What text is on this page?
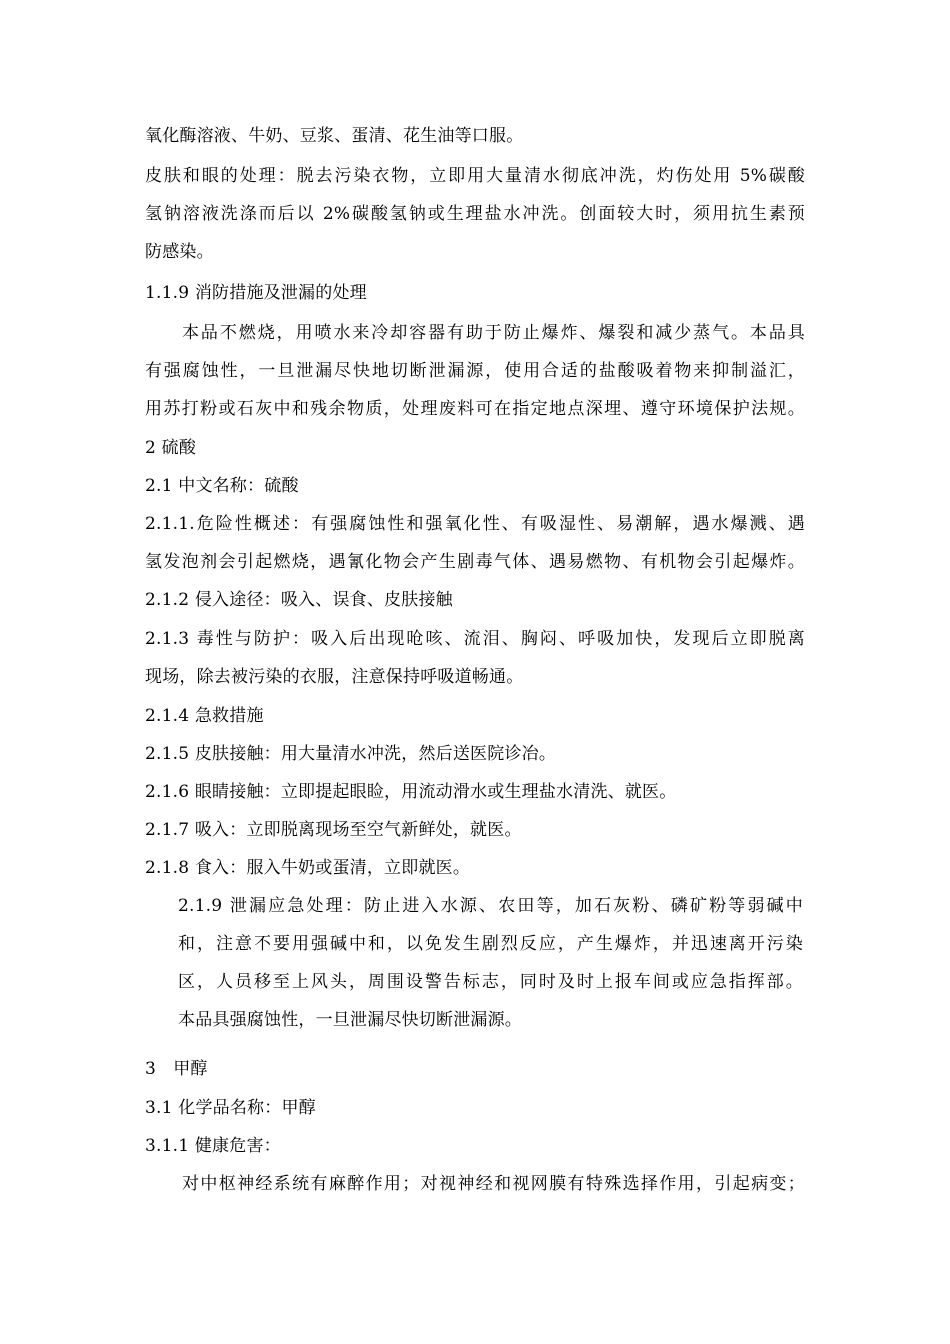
氧化酶溶液、牛奶、豆浆、蛋清、花生油等口服。
皮肤和眼的处理：脱去污染衣物，立即用大量清水彻底冲洗，灼伤处用 5%碳酸
氢钠溶液洗涤而后以 2%碳酸氢钠或生理盐水冲洗。创面较大时，须用抗生素预
防感染。
1.1.9 消防措施及泄漏的处理
本品不燃烧，用喷水来冷却容器有助于防止爆炸、爆裂和减少蒸气。本品具
有强腐蚀性，一旦泄漏尽快地切断泄漏源，使用合适的盐酸吸着物来抑制溢汇，
用苏打粉或石灰中和残余物质，处理废料可在指定地点深埋、遵守环境保护法规。
2 硫酸
2.1 中文名称：硫酸
2.1.1.危险性概述：有强腐蚀性和强氧化性、有吸湿性、易潮解，遇水爆溅、遇
氢发泡剂会引起燃烧，遇氰化物会产生剧毒气体、遇易燃物、有机物会引起爆炸。
2.1.2 侵入途径：吸入、误食、皮肤接触
2.1.3 毒性与防护：吸入后出现呛咳、流泪、胸闷、呼吸加快，发现后立即脱离
现场，除去被污染的衣服，注意保持呼吸道畅通。
2.1.4 急救措施
2.1.5 皮肤接触：用大量清水冲洗，然后送医院诊冶。
2.1.6 眼睛接触：立即提起眼睑，用流动滑水或生理盐水清洗、就医。
2.1.7 吸入：立即脱离现场至空气新鲜处，就医。
2.1.8 食入：服入牛奶或蛋清，立即就医。
2.1.9 泄漏应急处理：防止进入水源、农田等，加石灰粉、磷矿粉等弱碱中
和，注意不要用强碱中和，以免发生剧烈反应，产生爆炸，并迅速离开污染
区，人员移至上风头，周围设警告标志，同时及时上报车间或应急指挥部。
本品具强腐蚀性，一旦泄漏尽快切断泄漏源。
3　甲醇
3.1 化学品名称：甲醇
3.1.1 健康危害：
对中枢神经系统有麻醉作用；对视神经和视网膜有特殊选择作用，引起病变；
